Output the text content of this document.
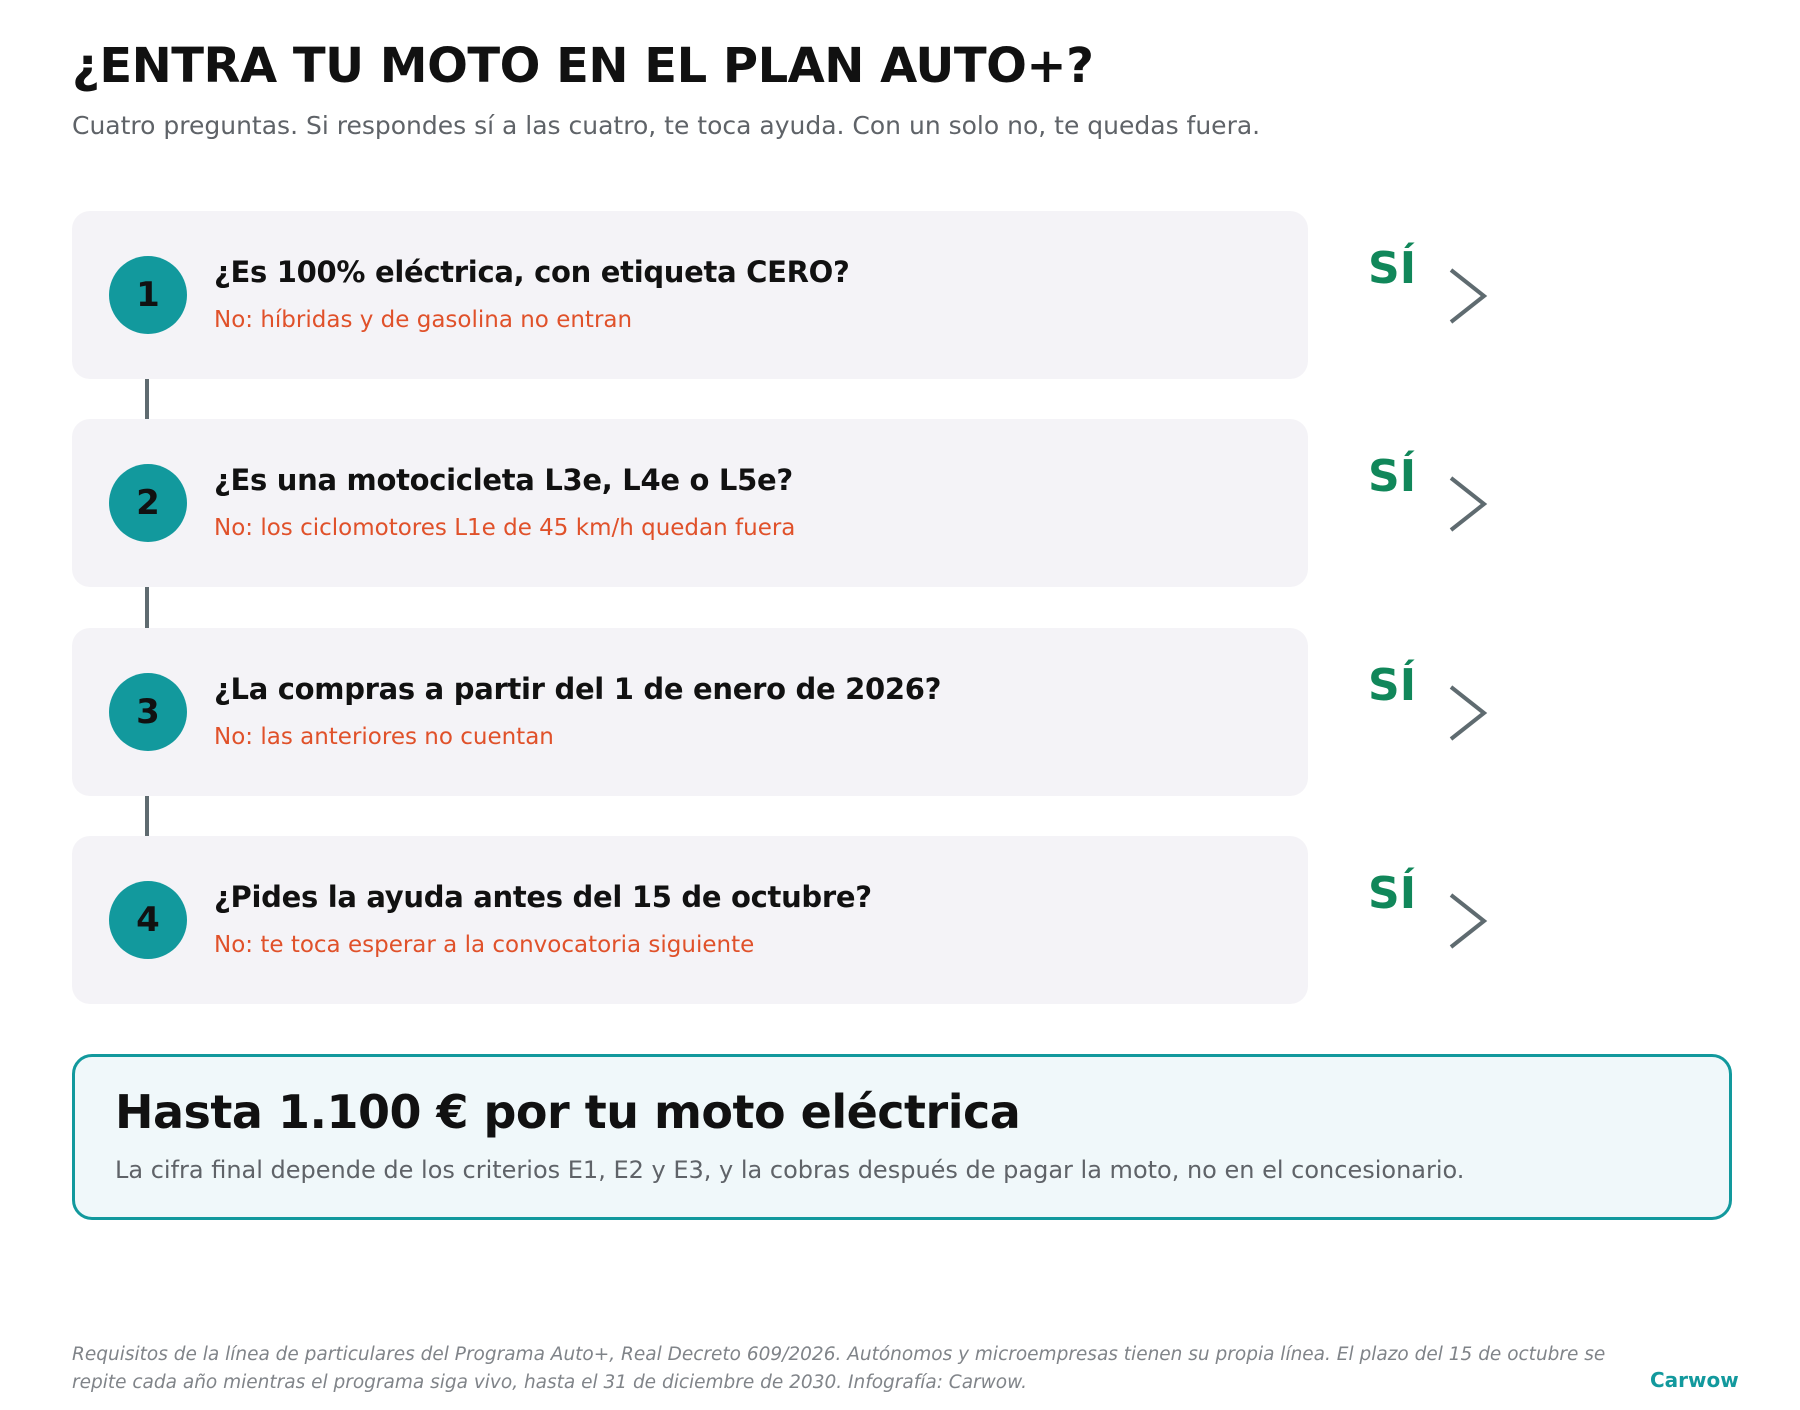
¿ENTRA TU MOTO EN EL PLAN AUTO+?

Cuatro preguntas. Si respondes sí a las cuatro, te toca ayuda. Con un solo no, te quedas fuera.

1
¿Es 100% eléctrica, con etiqueta CERO?
No: híbridas y de gasolina no entran
SÍ
2
¿Es una motocicleta L3e, L4e o L5e?
No: los ciclomotores L1e de 45 km/h quedan fuera
SÍ
3
¿La compras a partir del 1 de enero de 2026?
No: las anteriores no cuentan
SÍ
4
¿Pides la ayuda antes del 15 de octubre?
No: te toca esperar a la convocatoria siguiente
SÍ
Hasta 1.100 € por tu moto eléctrica
La cifra final depende de los criterios E1, E2 y E3, y la cobras después de pagar la moto, no en el concesionario.
Requisitos de la línea de particulares del Programa Auto+, Real Decreto 609/2026. Autónomos y microempresas tienen su propia línea. El plazo del 15 de octubre se repite cada año mientras el programa siga vivo, hasta el 31 de diciembre de 2030. Infografía: Carwow.	Carwow
